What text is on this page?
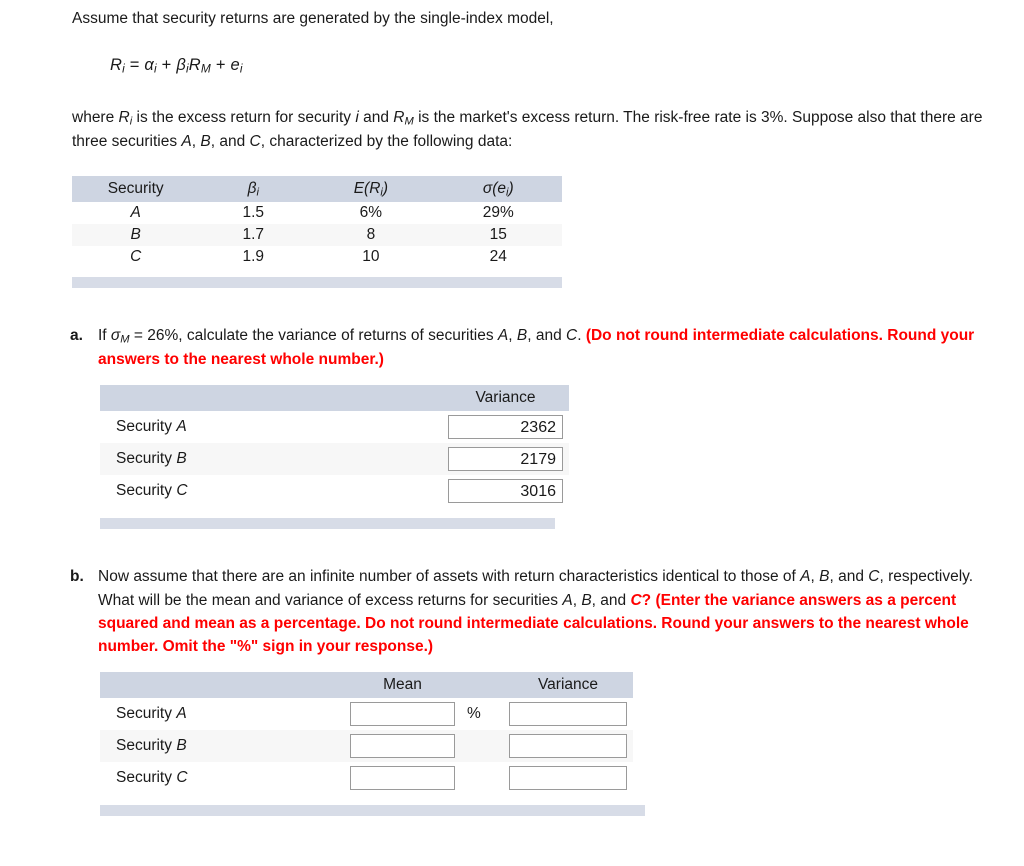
Assume that security returns are generated by the single-index model,
$R_i = \alpha_i + \beta_iR_M + e_i$
where $R_i$ is the excess return for security i and $R_M$ is the market's excess return. The risk-free rate is 3%. Suppose also that there are three securities A, B, and C, characterized by the following data:
Security	$\beta_i$	$E(R_i)$	$\sigma(e_i)$
A	1.5	6%	29%
B	1.7	8	15
C	1.9	10	24
a. If $\sigma_M = 26\%$, calculate the variance of returns of securities A, B, and C. (Do not round intermediate calculations. Round your answers to the nearest whole number.)
	Variance
Security A	2362

Security B	2179

Security C	3016
b. Now assume that there are an infinite number of assets with return characteristics identical to those of A, B, and C, respectively. What will be the mean and variance of excess returns for securities A, B, and C? (Enter the variance answers as a percent squared and mean as a percentage. Do not round intermediate calculations. Round your answers to the nearest whole number. Omit the "%" sign in your response.)
	Mean		Variance
Security A		%	

Security B	

Security C	
